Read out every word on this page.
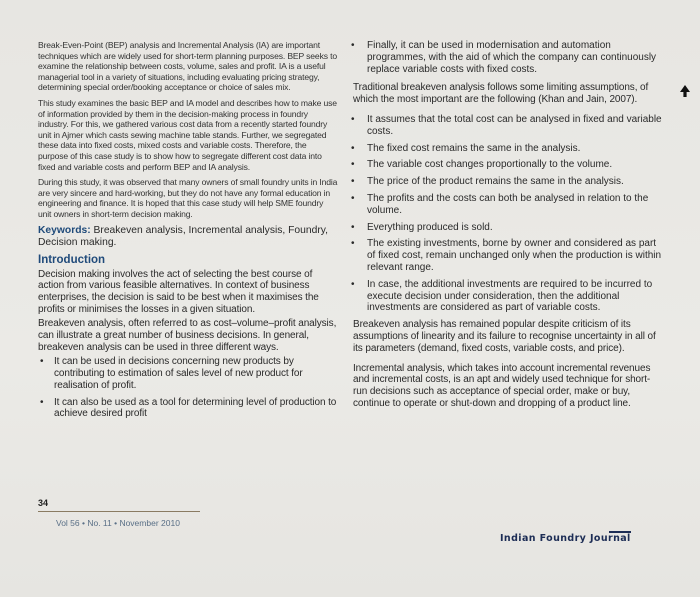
Break-Even-Point (BEP) analysis and Incremental Analysis (IA) are important techniques which are widely used for short-term planning purposes. BEP seeks to examine the relationship between costs, volume, sales and profit. IA is a useful managerial tool in a variety of situations, including evaluating pricing strategy, determining special order/booking acceptance or choice of sales mix.

This study examines the basic BEP and IA model and describes how to make use of information provided by them in the decision-making process in foundry industry. For this, we gathered various cost data from a recently started foundry unit in Ajmer which casts sewing machine table stands. Further, we segregated these data into fixed costs, mixed costs and variable costs. Therefore, the purpose of this case study is to show how to segregate different cost data into fixed and variable costs and perform BEP and IA analysis.

During this study, it was observed that many owners of small foundry units in India are very sincere and hard-working, but they do not have any formal education in engineering and finance. It is hoped that this case study will help SME foundry unit owners in short-term decision making.

Keywords: Breakeven analysis, Incremental analysis, Foundry, Decision making.

Introduction

Decision making involves the act of selecting the best course of action from various feasible alternatives. In context of business enterprises, the decision is said to be best when it maximises the profits or minimises the losses in a given situation.

Breakeven analysis, often referred to as cost–volume–profit analysis, can illustrate a great number of business decisions. In general, breakeven analysis can be used in three different ways.

• It can be used in decisions concerning new products by contributing to estimation of sales level of new product for realisation of profit.
• It can also be used as a tool for determining level of production to achieve desired profit
• Finally, it can be used in modernisation and automation programmes, with the aid of which the company can continuously replace variable costs with fixed costs.

Traditional breakeven analysis follows some limiting assumptions, of which the most important are the following (Khan and Jain, 2007).

• It assumes that the total cost can be analysed in fixed and variable costs.
• The fixed cost remains the same in the analysis.
• The variable cost changes proportionally to the volume.
• The price of the product remains the same in the analysis.
• The profits and the costs can both be analysed in relation to the volume.
• Everything produced is sold.
• The existing investments, borne by owner and considered as part of fixed cost, remain unchanged only when the production is within relevant range.
• In case, the additional investments are required to be incurred to execute decision under consideration, then the additional investments are considered as part of variable costs.

Breakeven analysis has remained popular despite criticism of its assumptions of linearity and its failure to recognise uncertainty in all of its parameters (demand, fixed costs, variable costs, and price).

Incremental analysis, which takes into account incremental revenues and incremental costs, is an apt and widely used technique for short-run decisions such as acceptance of special order, make or buy, continue to operate or shut-down and dropping of a product line.

34
Vol 56 • No. 11 • November 2010
Indian Foundry Journal
